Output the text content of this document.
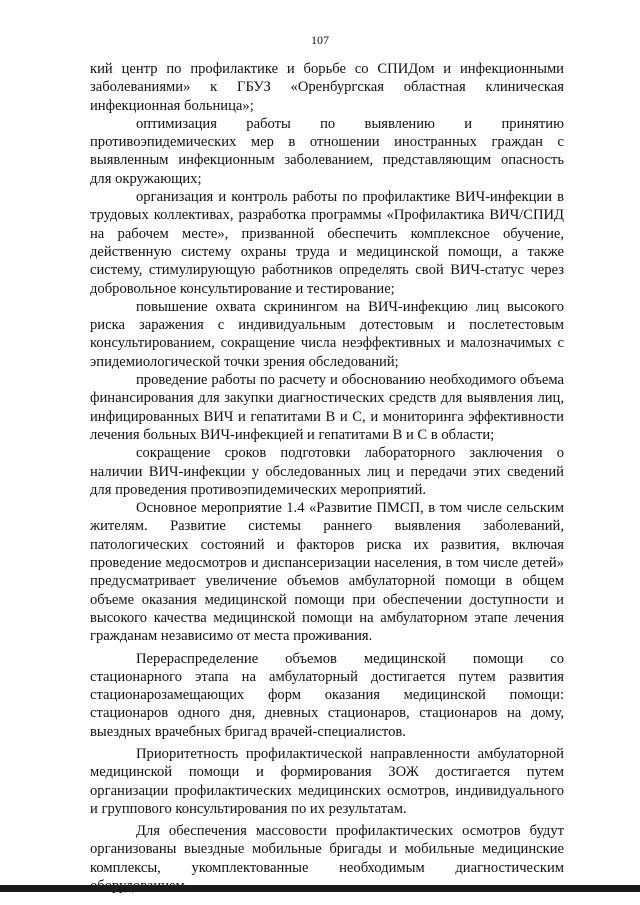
107

кий центр по профилактике и борьбе со СПИДом и инфекционными заболеваниями» к ГБУЗ «Оренбургская областная клиническая инфекционная больница»;

оптимизация работы по выявлению и принятию противоэпидемических мер в отношении иностранных граждан с выявленным инфекционным заболеванием, представляющим опасность для окружающих;

организация и контроль работы по профилактике ВИЧ-инфекции в трудовых коллективах, разработка программы «Профилактика ВИЧ/СПИД на рабочем месте», призванной обеспечить комплексное обучение, действенную систему охраны труда и медицинской помощи, а также систему, стимулирующую работников определять свой ВИЧ-статус через добровольное консультирование и тестирование;

повышение охвата скринингом на ВИЧ-инфекцию лиц высокого риска заражения с индивидуальным дотестовым и послетестовым консультированием, сокращение числа неэффективных и малозначимых с эпидемиологической точки зрения обследований;

проведение работы по расчету и обоснованию необходимого объема финансирования для закупки диагностических средств для выявления лиц, инфицированных ВИЧ и гепатитами В и С, и мониторинга эффективности лечения больных ВИЧ-инфекцией и гепатитами В и С в области;

сокращение сроков подготовки лабораторного заключения о наличии ВИЧ-инфекции у обследованных лиц и передачи этих сведений для проведения противоэпидемических мероприятий.

Основное мероприятие 1.4 «Развитие ПМСП, в том числе сельским жителям. Развитие системы раннего выявления заболеваний, патологических состояний и факторов риска их развития, включая проведение медосмотров и диспансеризации населения, в том числе детей» предусматривает увеличение объемов амбулаторной помощи в общем объеме оказания медицинской помощи при обеспечении доступности и высокого качества медицинской помощи на амбулаторном этапе лечения гражданам независимо от места проживания.

Перераспределение объемов медицинской помощи со стационарного этапа на амбулаторный достигается путем развития стационарозамещающих форм оказания медицинской помощи: стационаров одного дня, дневных стационаров, стационаров на дому, выездных врачебных бригад врачей-специалистов.

Приоритетность профилактической направленности амбулаторной медицинской помощи и формирования ЗОЖ достигается путем организации профилактических медицинских осмотров, индивидуального и группового консультирования по их результатам.

Для обеспечения массовости профилактических осмотров будут организованы выездные мобильные бригады и мобильные медицинские комплексы, укомплектованные необходимым диагностическим
